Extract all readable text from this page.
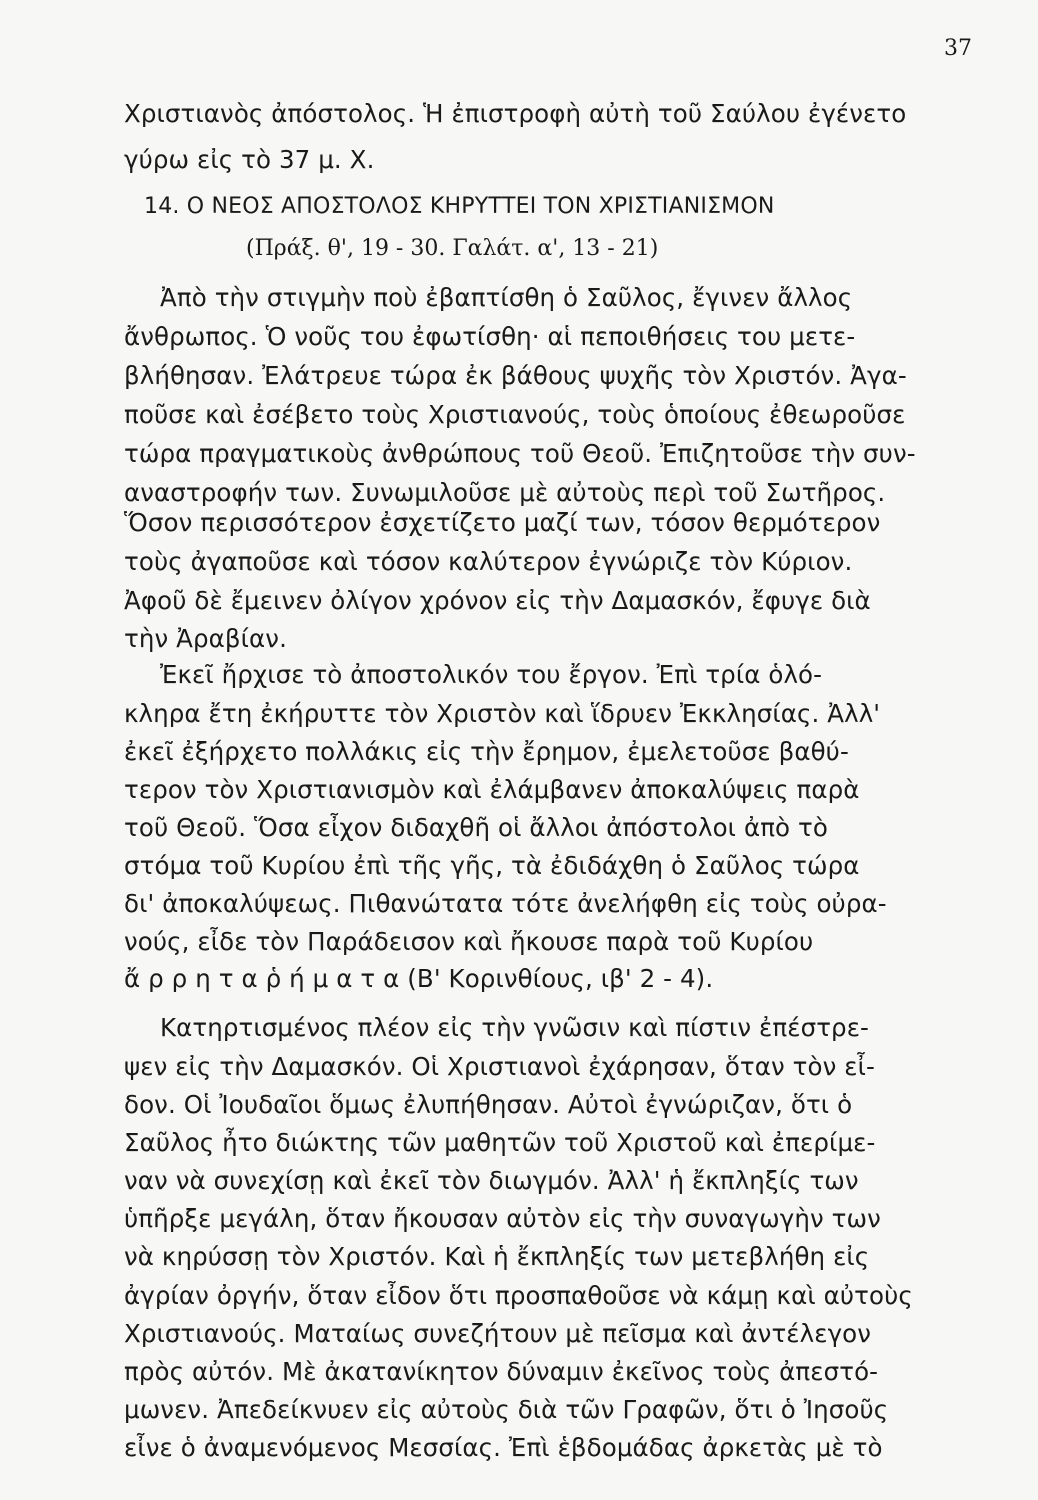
37
Χριστιανὸς ἀπόστολος. Ἡ ἐπιστροφὴ αὐτὴ τοῦ Σαύλου ἐγένετο
γύρω εἰς τὸ 37 μ. Χ.
14. Ο ΝΕΟΣ ΑΠΟΣΤΟΛΟΣ ΚΗΡΥΤΤΕΙ ΤΟΝ ΧΡΙΣΤΙΑΝΙΣΜΟΝ
(Πράξ. θ', 19 - 30. Γαλάτ. α', 13 - 21)
Ἀπὸ τὴν στιγμὴν ποὺ ἐβαπτίσθη ὁ Σαῦλος, ἔγινεν ἄλλος
ἄνθρωπος. Ὁ νοῦς του ἐφωτίσθη· αἱ πεποιθήσεις του μετε-
βλήθησαν. Ἐλάτρευε τώρα ἐκ βάθους ψυχῆς τὸν Χριστόν. Ἀγα-
ποῦσε καὶ ἐσέβετο τοὺς Χριστιανούς, τοὺς ὁποίους ἐθεωροῦσε
τώρα πραγματικοὺς ἀνθρώπους τοῦ Θεοῦ. Ἐπιζητοῦσε τὴν συν-
αναστροφήν των. Συνωμιλοῦσε μὲ αὐτοὺς περὶ τοῦ Σωτῆρος.
Ὅσον περισσότερον ἐσχετίζετο μαζί των, τόσον θερμότερον
τοὺς ἀγαποῦσε καὶ τόσον καλύτερον ἐγνώριζε τὸν Κύριον.
Ἀφοῦ δὲ ἔμεινεν ὀλίγον χρόνον εἰς τὴν Δαμασκόν, ἔφυγε διὰ
τὴν Ἀραβίαν.
Ἐκεῖ ἤρχισε τὸ ἀποστολικόν του ἔργον. Ἐπὶ τρία ὁλό-
κληρα ἔτη ἐκήρυττε τὸν Χριστὸν καὶ ἵδρυεν Ἐκκλησίας. Ἀλλ'
ἐκεῖ ἐξήρχετο πολλάκις εἰς τὴν ἔρημον, ἐμελετοῦσε βαθύ-
τερον τὸν Χριστιανισμὸν καὶ ἐλάμβανεν ἀποκαλύψεις παρὰ
τοῦ Θεοῦ. Ὅσα εἶχον διδαχθῆ οἱ ἄλλοι ἀπόστολοι ἀπὸ τὸ
στόμα τοῦ Κυρίου ἐπὶ τῆς γῆς, τὰ ἐδιδάχθη ὁ Σαῦλος τώρα
δι' ἀποκαλύψεως. Πιθανώτατα τότε ἀνελήφθη εἰς τοὺς οὐρα-
νούς, εἶδε τὸν Παράδεισον καὶ ἤκουσε παρὰ τοῦ Κυρίου
ἄ ρ ρ η τ α ῥ ή μ α τ α (Β' Κορινθίους, ιβ' 2 - 4).
Κατηρτισμένος πλέον εἰς τὴν γνῶσιν καὶ πίστιν ἐπέστρε-
ψεν εἰς τὴν Δαμασκόν. Οἱ Χριστιανοὶ ἐχάρησαν, ὅταν τὸν εἶ-
δον. Οἱ Ἰουδαῖοι ὅμως ἐλυπήθησαν. Αὐτοὶ ἐγνώριζαν, ὅτι ὁ
Σαῦλος ἦτο διώκτης τῶν μαθητῶν τοῦ Χριστοῦ καὶ ἐπερίμε-
ναν νὰ συνεχίσῃ καὶ ἐκεῖ τὸν διωγμόν. Ἀλλ' ἡ ἔκπληξίς των
ὑπῆρξε μεγάλη, ὅταν ἤκουσαν αὐτὸν εἰς τὴν συναγωγὴν των
νὰ κηρύσσῃ τὸν Χριστόν. Καὶ ἡ ἔκπληξίς των μετεβλήθη εἰς
ἀγρίαν ὀργήν, ὅταν εἶδον ὅτι προσπαθοῦσε νὰ κάμῃ καὶ αὐτοὺς
Χριστιανούς. Ματαίως συνεζήτουν μὲ πεῖσμα καὶ ἀντέλεγον
πρὸς αὐτόν. Μὲ ἀκατανίκητον δύναμιν ἐκεῖνος τοὺς ἀπεστό-
μωνεν. Ἀπεδείκνυεν εἰς αὐτοὺς διὰ τῶν Γραφῶν, ὅτι ὁ Ἰησοῦς
εἶνε ὁ ἀναμενόμενος Μεσσίας. Ἐπὶ ἑβδομάδας ἀρκετὰς μὲ τὸ
